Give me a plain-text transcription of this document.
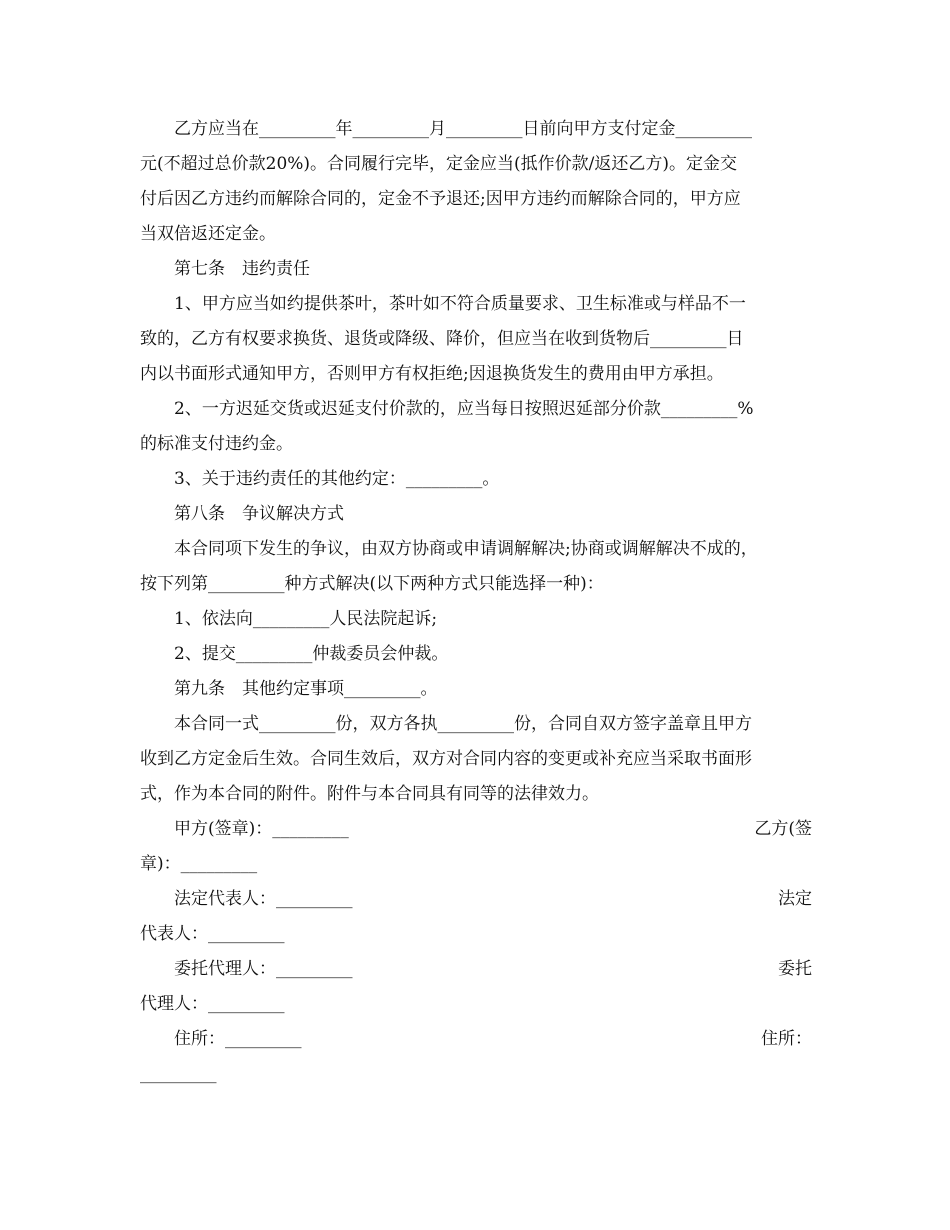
乙方应当在_________年_________月_________日前向甲方支付定金_________
元(不超过总价款20%)。合同履行完毕，定金应当(抵作价款/返还乙方)。定金交
付后因乙方违约而解除合同的，定金不予退还;因甲方违约而解除合同的，甲方应
当双倍返还定金。
第七条　违约责任
1、甲方应当如约提供茶叶，茶叶如不符合质量要求、卫生标准或与样品不一
致的，乙方有权要求换货、退货或降级、降价，但应当在收到货物后_________日
内以书面形式通知甲方，否则甲方有权拒绝;因退换货发生的费用由甲方承担。
2、一方迟延交货或迟延支付价款的，应当每日按照迟延部分价款_________%
的标准支付违约金。
3、关于违约责任的其他约定：_________。
第八条　争议解决方式
本合同项下发生的争议，由双方协商或申请调解解决;协商或调解解决不成的，
按下列第_________种方式解决(以下两种方式只能选择一种)：
1、依法向_________人民法院起诉;
2、提交_________仲裁委员会仲裁。
第九条　其他约定事项_________。
本合同一式_________份，双方各执_________份，合同自双方签字盖章且甲方
收到乙方定金后生效。合同生效后，双方对合同内容的变更或补充应当采取书面形
式，作为本合同的附件。附件与本合同具有同等的法律效力。
甲方(签章)：_________	乙方(签
章)：_________
法定代表人：_________	法定
代表人：_________
委托代理人：_________	委托
代理人：_________
住所：_________	住所：
_________
